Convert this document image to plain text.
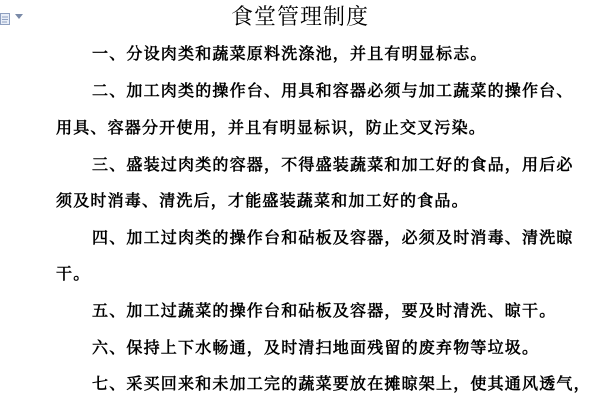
食堂管理制度
一、分设肉类和蔬菜原料洗涤池，并且有明显标志。
二、加工肉类的操作台、用具和容器必须与加工蔬菜的操作台、
用具、容器分开使用，并且有明显标识，防止交叉污染。
三、盛装过肉类的容器，不得盛装蔬菜和加工好的食品，用后必
须及时消毒、清洗后，才能盛装蔬菜和加工好的食品。
四、加工过肉类的操作台和砧板及容器，必须及时消毒、清洗晾
干。
五、加工过蔬菜的操作台和砧板及容器，要及时清洗、晾干。
六、保持上下水畅通，及时清扫地面残留的废弃物等垃圾。
七、采买回来和未加工完的蔬菜要放在摊晾架上，使其通风透气，
